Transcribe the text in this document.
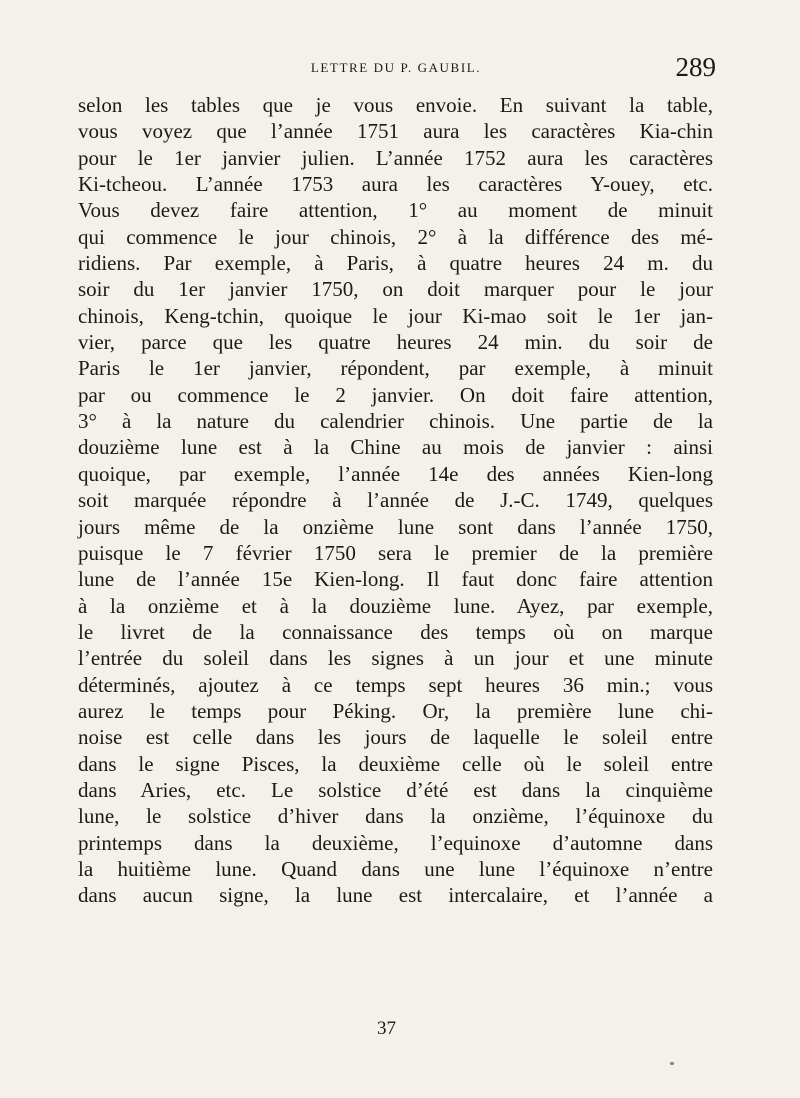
LETTRE DU P. GAUBIL.	289
selon les tables que je vous envoie. En suivant la table,
vous voyez que l’année 1751 aura les caractères Kia-chin
pour le 1er janvier julien. L’année 1752 aura les caractères
Ki-tcheou. L’année 1753 aura les caractères Y-ouey, etc.
Vous devez faire attention, 1° au moment de minuit
qui commence le jour chinois, 2° à la différence des mé-
ridiens. Par exemple, à Paris, à quatre heures 24 m. du
soir du 1er janvier 1750, on doit marquer pour le jour
chinois, Keng-tchin, quoique le jour Ki-mao soit le 1er jan-
vier, parce que les quatre heures 24 min. du soir de
Paris le 1er janvier, répondent, par exemple, à minuit
par ou commence le 2 janvier. On doit faire attention,
3° à la nature du calendrier chinois. Une partie de la
douzième lune est à la Chine au mois de janvier : ainsi
quoique, par exemple, l’année 14e des années Kien-long
soit marquée répondre à l’année de J.-C. 1749, quelques
jours même de la onzième lune sont dans l’année 1750,
puisque le 7 février 1750 sera le premier de la première
lune de l’année 15e Kien-long. Il faut donc faire attention
à la onzième et à la douzième lune. Ayez, par exemple,
le livret de la connaissance des temps où on marque
l’entrée du soleil dans les signes à un jour et une minute
déterminés, ajoutez à ce temps sept heures 36 min.; vous
aurez le temps pour Péking. Or, la première lune chi-
noise est celle dans les jours de laquelle le soleil entre
dans le signe Pisces, la deuxième celle où le soleil entre
dans Aries, etc. Le solstice d’été est dans la cinquième
lune, le solstice d’hiver dans la onzième, l’équinoxe du
printemps dans la deuxième, l’equinoxe d’automne dans
la huitième lune. Quand dans une lune l’équinoxe n’entre
dans aucun signe, la lune est intercalaire, et l’année a
37
